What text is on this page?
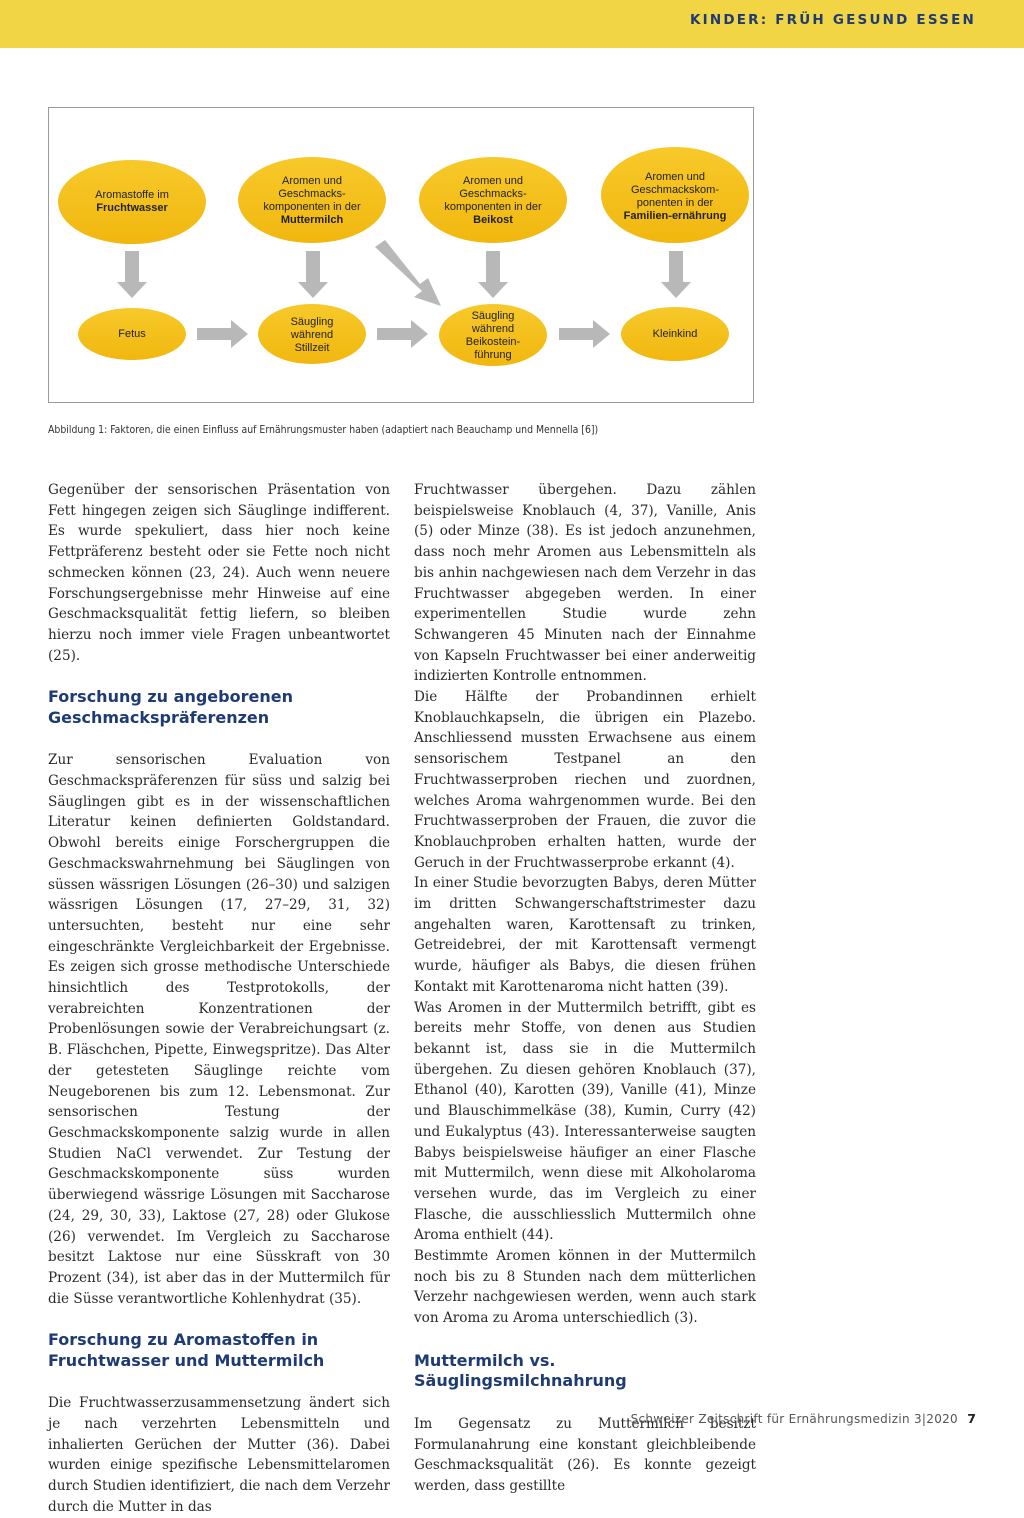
KINDER: FRÜH GESUND ESSEN
Aromastoffe im
Fruchtwasser
Aromen und Geschmacks-komponenten in der Muttermilch
Aromen und Geschmacks-komponenten in der Beikost
Aromen und Geschmackskom-ponenten in der Familien-ernährung
Fetus
Säugling während Stillzeit
Säugling während Beikostein-führung
Kleinkind
Abbildung 1: Faktoren, die einen Einfluss auf Ernährungsmuster haben (adaptiert nach Beauchamp und Mennella [6])

Gegenüber der sensorischen Präsentation von Fett hingegen zeigen sich Säuglinge indifferent. Es wurde spekuliert, dass hier noch keine Fettpräferenz besteht oder sie Fette noch nicht schmecken können (23, 24). Auch wenn neuere Forschungsergebnisse mehr Hinweise auf eine Geschmacksqualität fettig liefern, so bleiben hierzu noch immer viele Fragen unbeantwortet (25).

Forschung zu angeborenen Geschmackspräferenzen

Zur sensorischen Evaluation von Geschmackspräferenzen für süss und salzig bei Säuglingen gibt es in der wissenschaftlichen Literatur keinen definierten Goldstandard. Obwohl bereits einige Forschergruppen die Geschmackswahrnehmung bei Säuglingen von süssen wässrigen Lösungen (26–30) und salzigen wässrigen Lösungen (17, 27–29, 31, 32) untersuchten, besteht nur eine sehr eingeschränkte Vergleichbarkeit der Ergebnisse. Es zeigen sich grosse methodische Unterschiede hinsichtlich des Testprotokolls, der verabreichten Konzentrationen der Probenlösungen sowie der Verabreichungsart (z. B. Fläschchen, Pipette, Einwegspritze). Das Alter der getesteten Säuglinge reichte vom Neugeborenen bis zum 12. Lebensmonat. Zur sensorischen Testung der Geschmackskomponente salzig wurde in allen Studien NaCl verwendet. Zur Testung der Geschmackskomponente süss wurden überwiegend wässrige Lösungen mit Saccharose (24, 29, 30, 33), Laktose (27, 28) oder Glukose (26) verwendet. Im Vergleich zu Saccharose besitzt Laktose nur eine Süsskraft von 30 Prozent (34), ist aber das in der Muttermilch für die Süsse verantwortliche Kohlenhydrat (35).

Forschung zu Aromastoffen in Fruchtwasser und Muttermilch

Die Fruchtwasserzusammensetzung ändert sich je nach verzehrten Lebensmitteln und inhalierten Gerüchen der Mutter (36). Dabei wurden einige spezifische Lebensmittelaromen durch Studien identifiziert, die nach dem Verzehr durch die Mutter in das

Fruchtwasser übergehen. Dazu zählen beispielsweise Knoblauch (4, 37), Vanille, Anis (5) oder Minze (38). Es ist jedoch anzunehmen, dass noch mehr Aromen aus Lebensmitteln als bis anhin nachgewiesen nach dem Verzehr in das Fruchtwasser abgegeben werden. In einer experimentellen Studie wurde zehn Schwangeren 45 Minuten nach der Einnahme von Kapseln Fruchtwasser bei einer anderweitig indizierten Kontrolle entnommen.

Die Hälfte der Probandinnen erhielt Knoblauchkapseln, die übrigen ein Plazebo. Anschliessend mussten Erwachsene aus einem sensorischem Testpanel an den Fruchtwasserproben riechen und zuordnen, welches Aroma wahrgenommen wurde. Bei den Fruchtwasserproben der Frauen, die zuvor die Knoblauchproben erhalten hatten, wurde der Geruch in der Fruchtwasserprobe erkannt (4).

In einer Studie bevorzugten Babys, deren Mütter im dritten Schwangerschaftstrimester dazu angehalten waren, Karottensaft zu trinken, Getreidebrei, der mit Karottensaft vermengt wurde, häufiger als Babys, die diesen frühen Kontakt mit Karottenaroma nicht hatten (39).

Was Aromen in der Muttermilch betrifft, gibt es bereits mehr Stoffe, von denen aus Studien bekannt ist, dass sie in die Muttermilch übergehen. Zu diesen gehören Knoblauch (37), Ethanol (40), Karotten (39), Vanille (41), Minze und Blauschimmelkäse (38), Kumin, Curry (42) und Eukalyptus (43). Interessanterweise saugten Babys beispielsweise häufiger an einer Flasche mit Muttermilch, wenn diese mit Alkoholaroma versehen wurde, das im Vergleich zu einer Flasche, die ausschliesslich Muttermilch ohne Aroma enthielt (44).

Bestimmte Aromen können in der Muttermilch noch bis zu 8 Stunden nach dem mütterlichen Verzehr nachgewiesen werden, wenn auch stark von Aroma zu Aroma unterschiedlich (3).

Muttermilch vs. Säuglingsmilchnahrung

Im Gegensatz zu Muttermilch besitzt Formulanahrung eine konstant gleichbleibende Geschmacksqualität (26). Es konnte gezeigt werden, dass gestillte

Schweizer Zeitschrift für Ernährungsmedizin 3|2020 7
